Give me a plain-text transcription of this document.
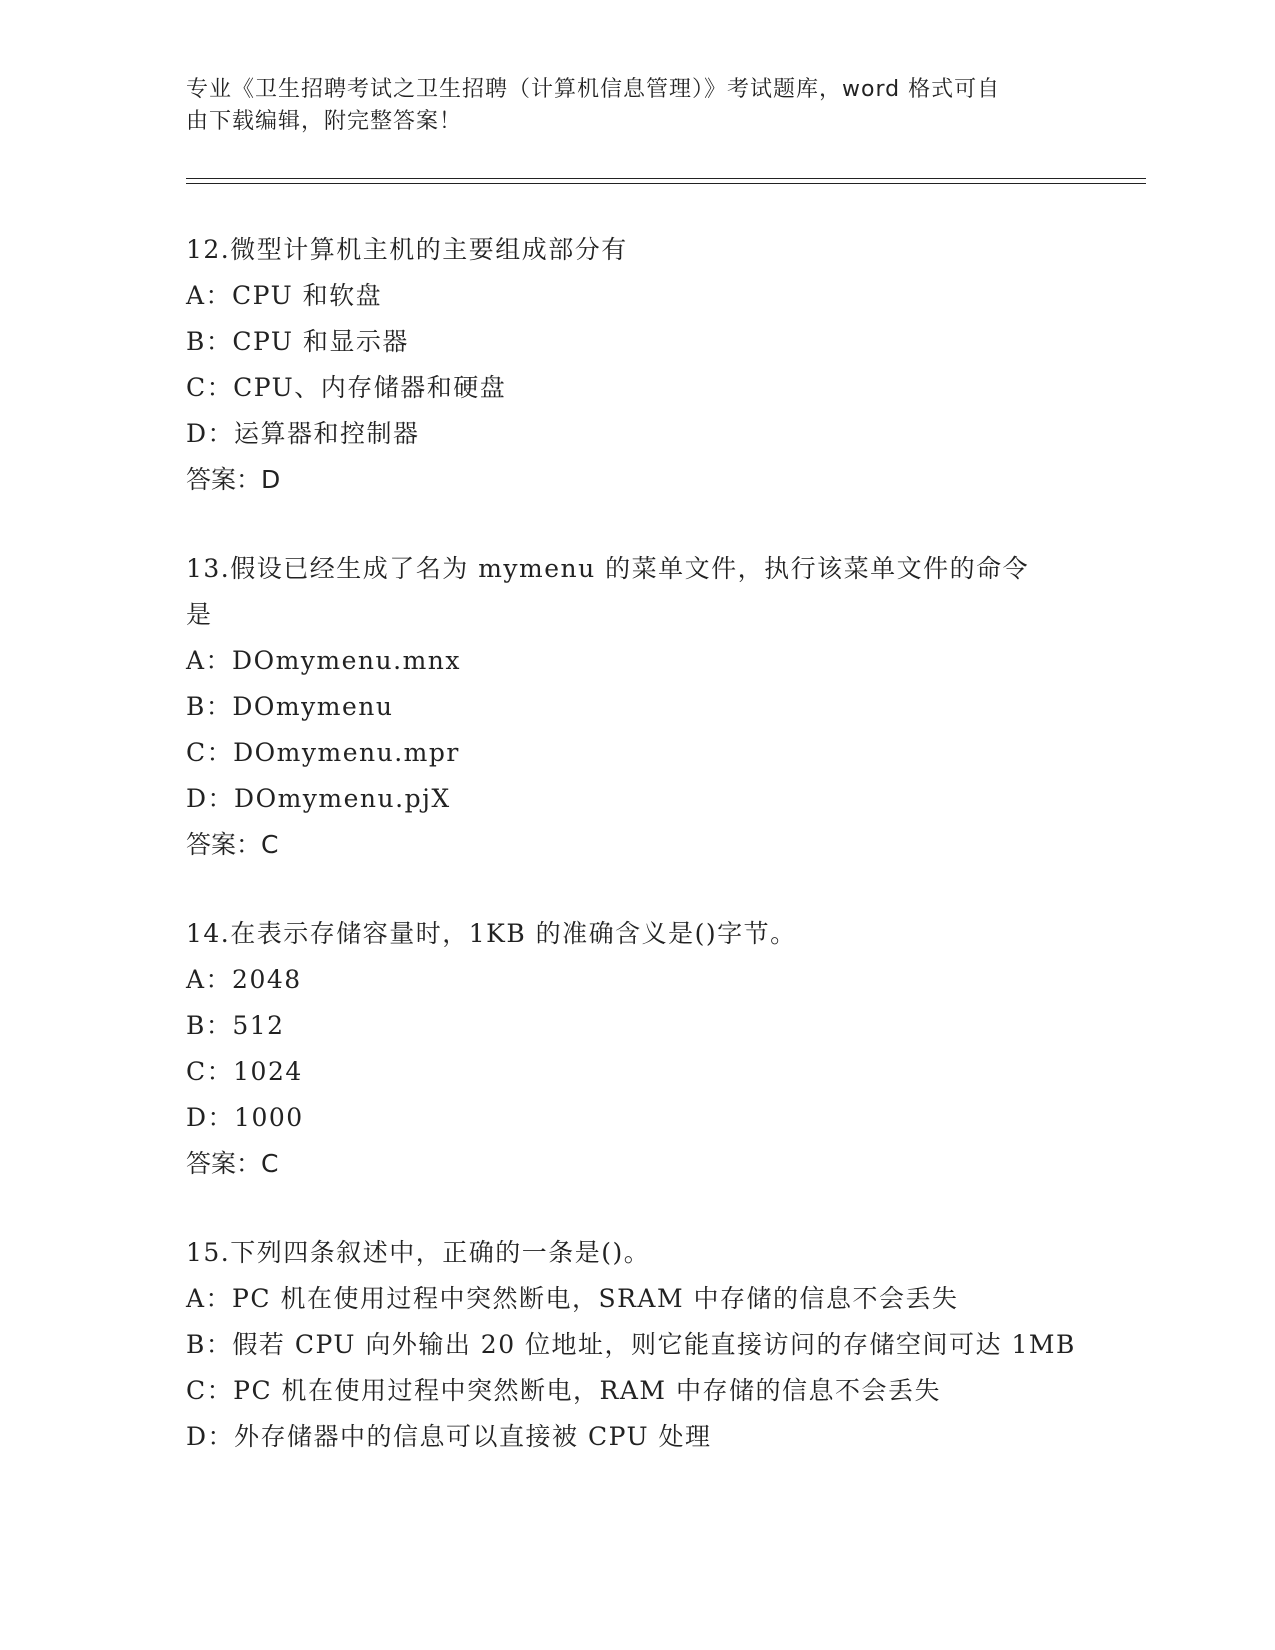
专业《卫生招聘考试之卫生招聘（计算机信息管理）》考试题库，word 格式可自
由下载编辑，附完整答案！
12.微型计算机主机的主要组成部分有
A：CPU 和软盘
B：CPU 和显示器
C：CPU、内存储器和硬盘
D：运算器和控制器
答案：D
13.假设已经生成了名为 mymenu 的菜单文件，执行该菜单文件的命令
是
A：DOmymenu.mnx
B：DOmymenu
C：DOmymenu.mpr
D：DOmymenu.pjX
答案：C
14.在表示存储容量时，1KB 的准确含义是()字节。
A：2048
B：512
C：1024
D：1000
答案：C
15.下列四条叙述中，正确的一条是()。
A：PC 机在使用过程中突然断电，SRAM 中存储的信息不会丢失
B：假若 CPU 向外输出 20 位地址，则它能直接访问的存储空间可达 1MB
C：PC 机在使用过程中突然断电，RAM 中存储的信息不会丢失
D：外存储器中的信息可以直接被 CPU 处理
